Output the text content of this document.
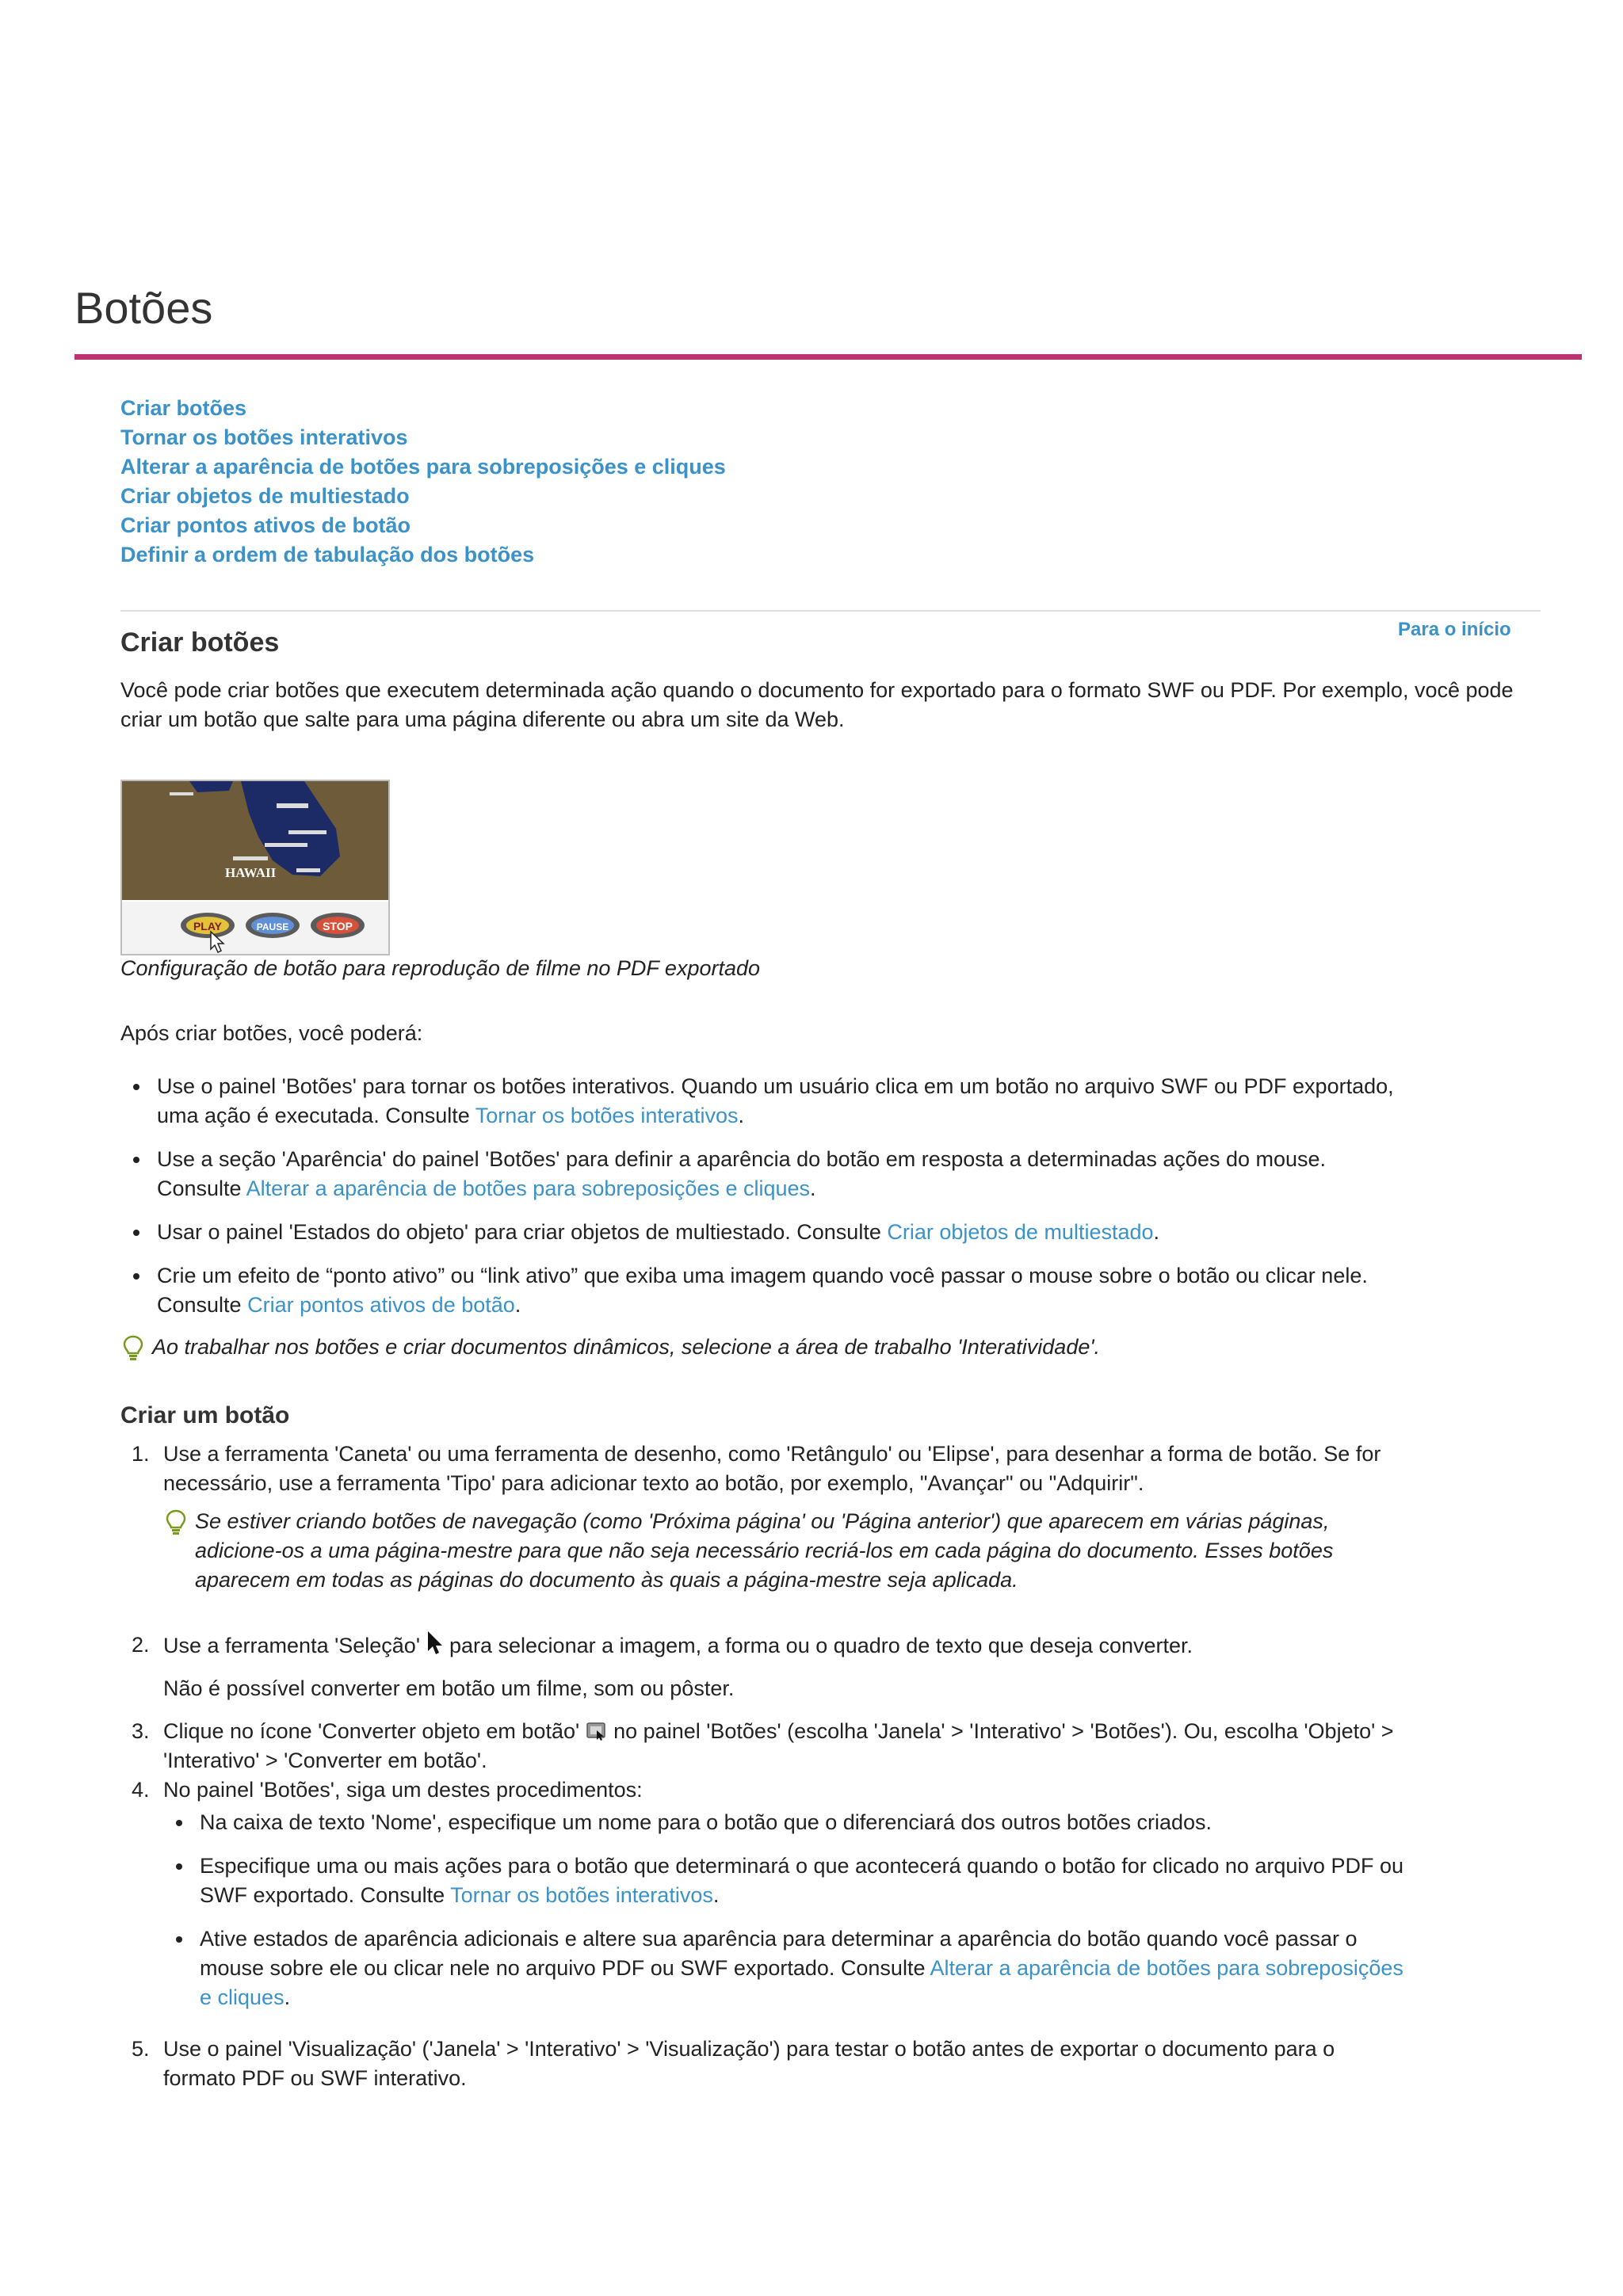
Botões
Criar botões
Tornar os botões interativos
Alterar a aparência de botões para sobreposições e cliques
Criar objetos de multiestado
Criar pontos ativos de botão
Definir a ordem de tabulação dos botões
Para o início
Criar botões

Você pode criar botões que executem determinada ação quando o documento for exportado para o formato SWF ou PDF. Por exemplo, você pode criar um botão que salte para uma página diferente ou abra um site da Web.

HAWAII
PLAY	PAUSE	STOP

Configuração de botão para reprodução de filme no PDF exportado

Após criar botões, você poderá:

Use o painel 'Botões' para tornar os botões interativos. Quando um usuário clica em um botão no arquivo SWF ou PDF exportado, uma ação é executada. Consulte Tornar os botões interativos.
Use a seção 'Aparência' do painel 'Botões' para definir a aparência do botão em resposta a determinadas ações do mouse. Consulte Alterar a aparência de botões para sobreposições e cliques.
Usar o painel 'Estados do objeto' para criar objetos de multiestado. Consulte Criar objetos de multiestado.
Crie um efeito de “ponto ativo” ou “link ativo” que exiba uma imagem quando você passar o mouse sobre o botão ou clicar nele. Consulte Criar pontos ativos de botão.
Ao trabalhar nos botões e criar documentos dinâmicos, selecione a área de trabalho 'Interatividade'.
Criar um botão
1. Use a ferramenta 'Caneta' ou uma ferramenta de desenho, como 'Retângulo' ou 'Elipse', para desenhar a forma de botão. Se for necessário, use a ferramenta 'Tipo' para adicionar texto ao botão, por exemplo, "Avançar" ou "Adquirir".
Se estiver criando botões de navegação (como 'Próxima página' ou 'Página anterior') que aparecem em várias páginas, adicione-os a uma página-mestre para que não seja necessário recriá-los em cada página do documento. Esses botões aparecem em todas as páginas do documento às quais a página-mestre seja aplicada.
2. Use a ferramenta 'Seleção'  para selecionar a imagem, a forma ou o quadro de texto que deseja converter.
Não é possível converter em botão um filme, som ou pôster.
3. Clique no ícone 'Converter objeto em botão'  no painel 'Botões' (escolha 'Janela' > 'Interativo' > 'Botões'). Ou, escolha 'Objeto' > 'Interativo' > 'Converter em botão'.
4. No painel 'Botões', siga um destes procedimentos:
Na caixa de texto 'Nome', especifique um nome para o botão que o diferenciará dos outros botões criados.
Especifique uma ou mais ações para o botão que determinará o que acontecerá quando o botão for clicado no arquivo PDF ou SWF exportado. Consulte Tornar os botões interativos.
Ative estados de aparência adicionais e altere sua aparência para determinar a aparência do botão quando você passar o mouse sobre ele ou clicar nele no arquivo PDF ou SWF exportado. Consulte Alterar a aparência de botões para sobreposições e cliques.
5. Use o painel 'Visualização' ('Janela' > 'Interativo' > 'Visualização') para testar o botão antes de exportar o documento para o formato PDF ou SWF interativo.
